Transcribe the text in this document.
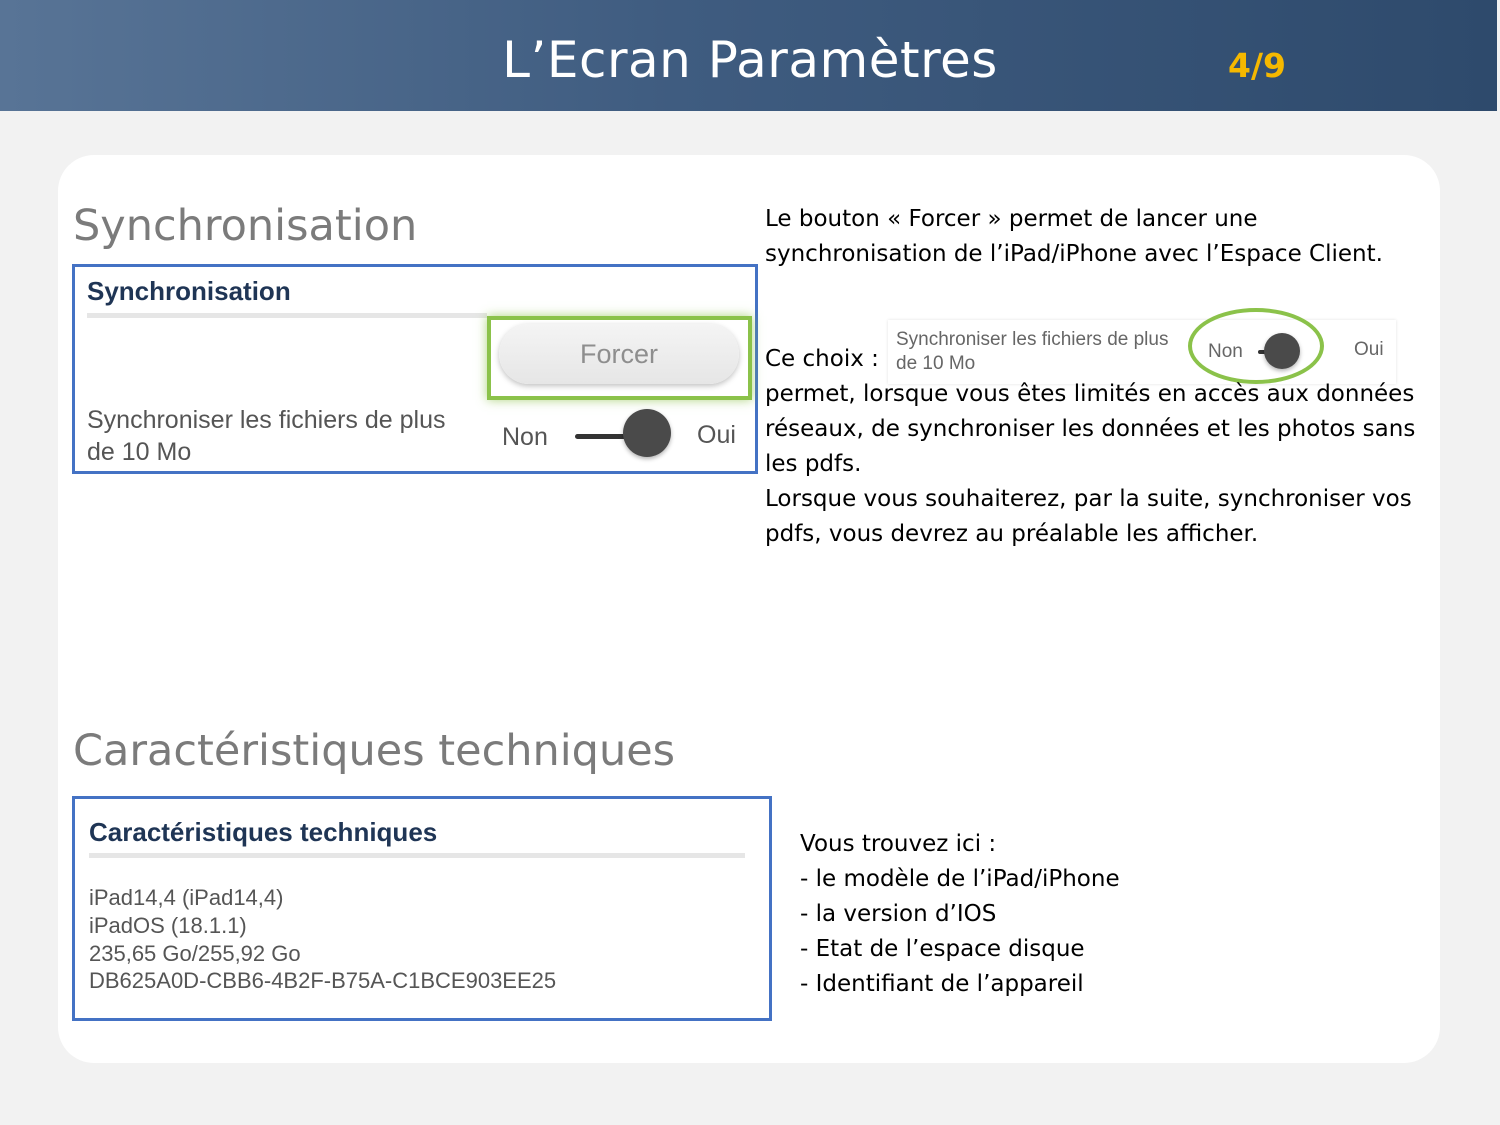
L’Ecran Paramètres	4/9
Synchronisation
Synchronisation
Forcer
Synchroniser les fichiers de plus
de 10 Mo
Non	Oui

Le bouton « Forcer » permet de lancer une

synchronisation de l’iPad/iPhone avec l’Espace Client.

Ce choix :
Synchroniser les fichiers de plus
de 10 Mo
Non	Oui

permet, lorsque vous êtes limités en accès aux données

réseaux, de synchroniser les données et les photos sans

les pdfs.

Lorsque vous souhaiterez, par la suite, synchroniser vos

pdfs, vous devrez au préalable les afficher.

Caractéristiques techniques
Caractéristiques techniques
iPad14,4 (iPad14,4)
iPadOS (18.1.1)
235,65 Go/255,92 Go
DB625A0D-CBB6-4B2F-B75A-C1BCE903EE25

Vous trouvez ici :

- le modèle de l’iPad/iPhone

- la version d’IOS

- Etat de l’espace disque

- Identifiant de l’appareil
